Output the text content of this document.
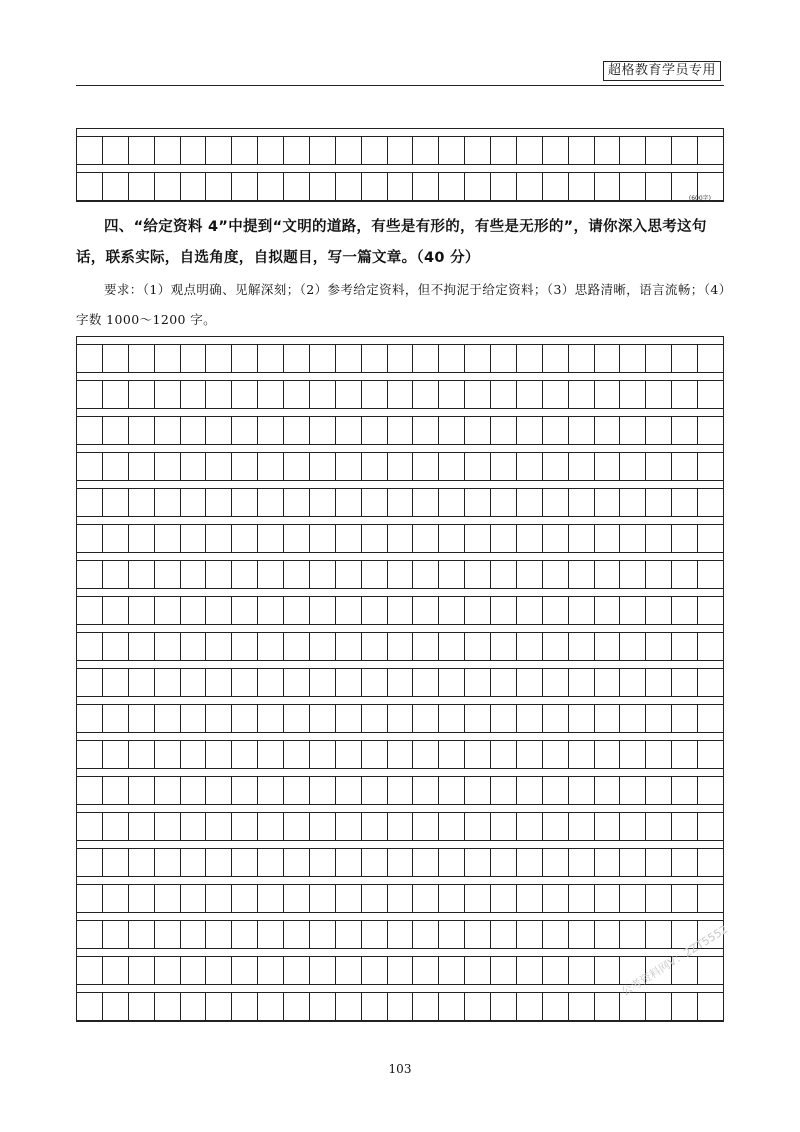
超格教育学员专用
(600字)
四、“给定资料 4”中提到“文明的道路，有些是有形的，有些是无形的”，请你深入思考这句话，联系实际，自选角度，自拟题目，写一篇文章。（40 分）
要求：（1）观点明确、见解深刻；（2）参考给定资料，但不拘泥于给定资料；（3）思路清晰，语言流畅；（4）字数 1000～1200 字。
公考资料网V：2ZT5552
103
